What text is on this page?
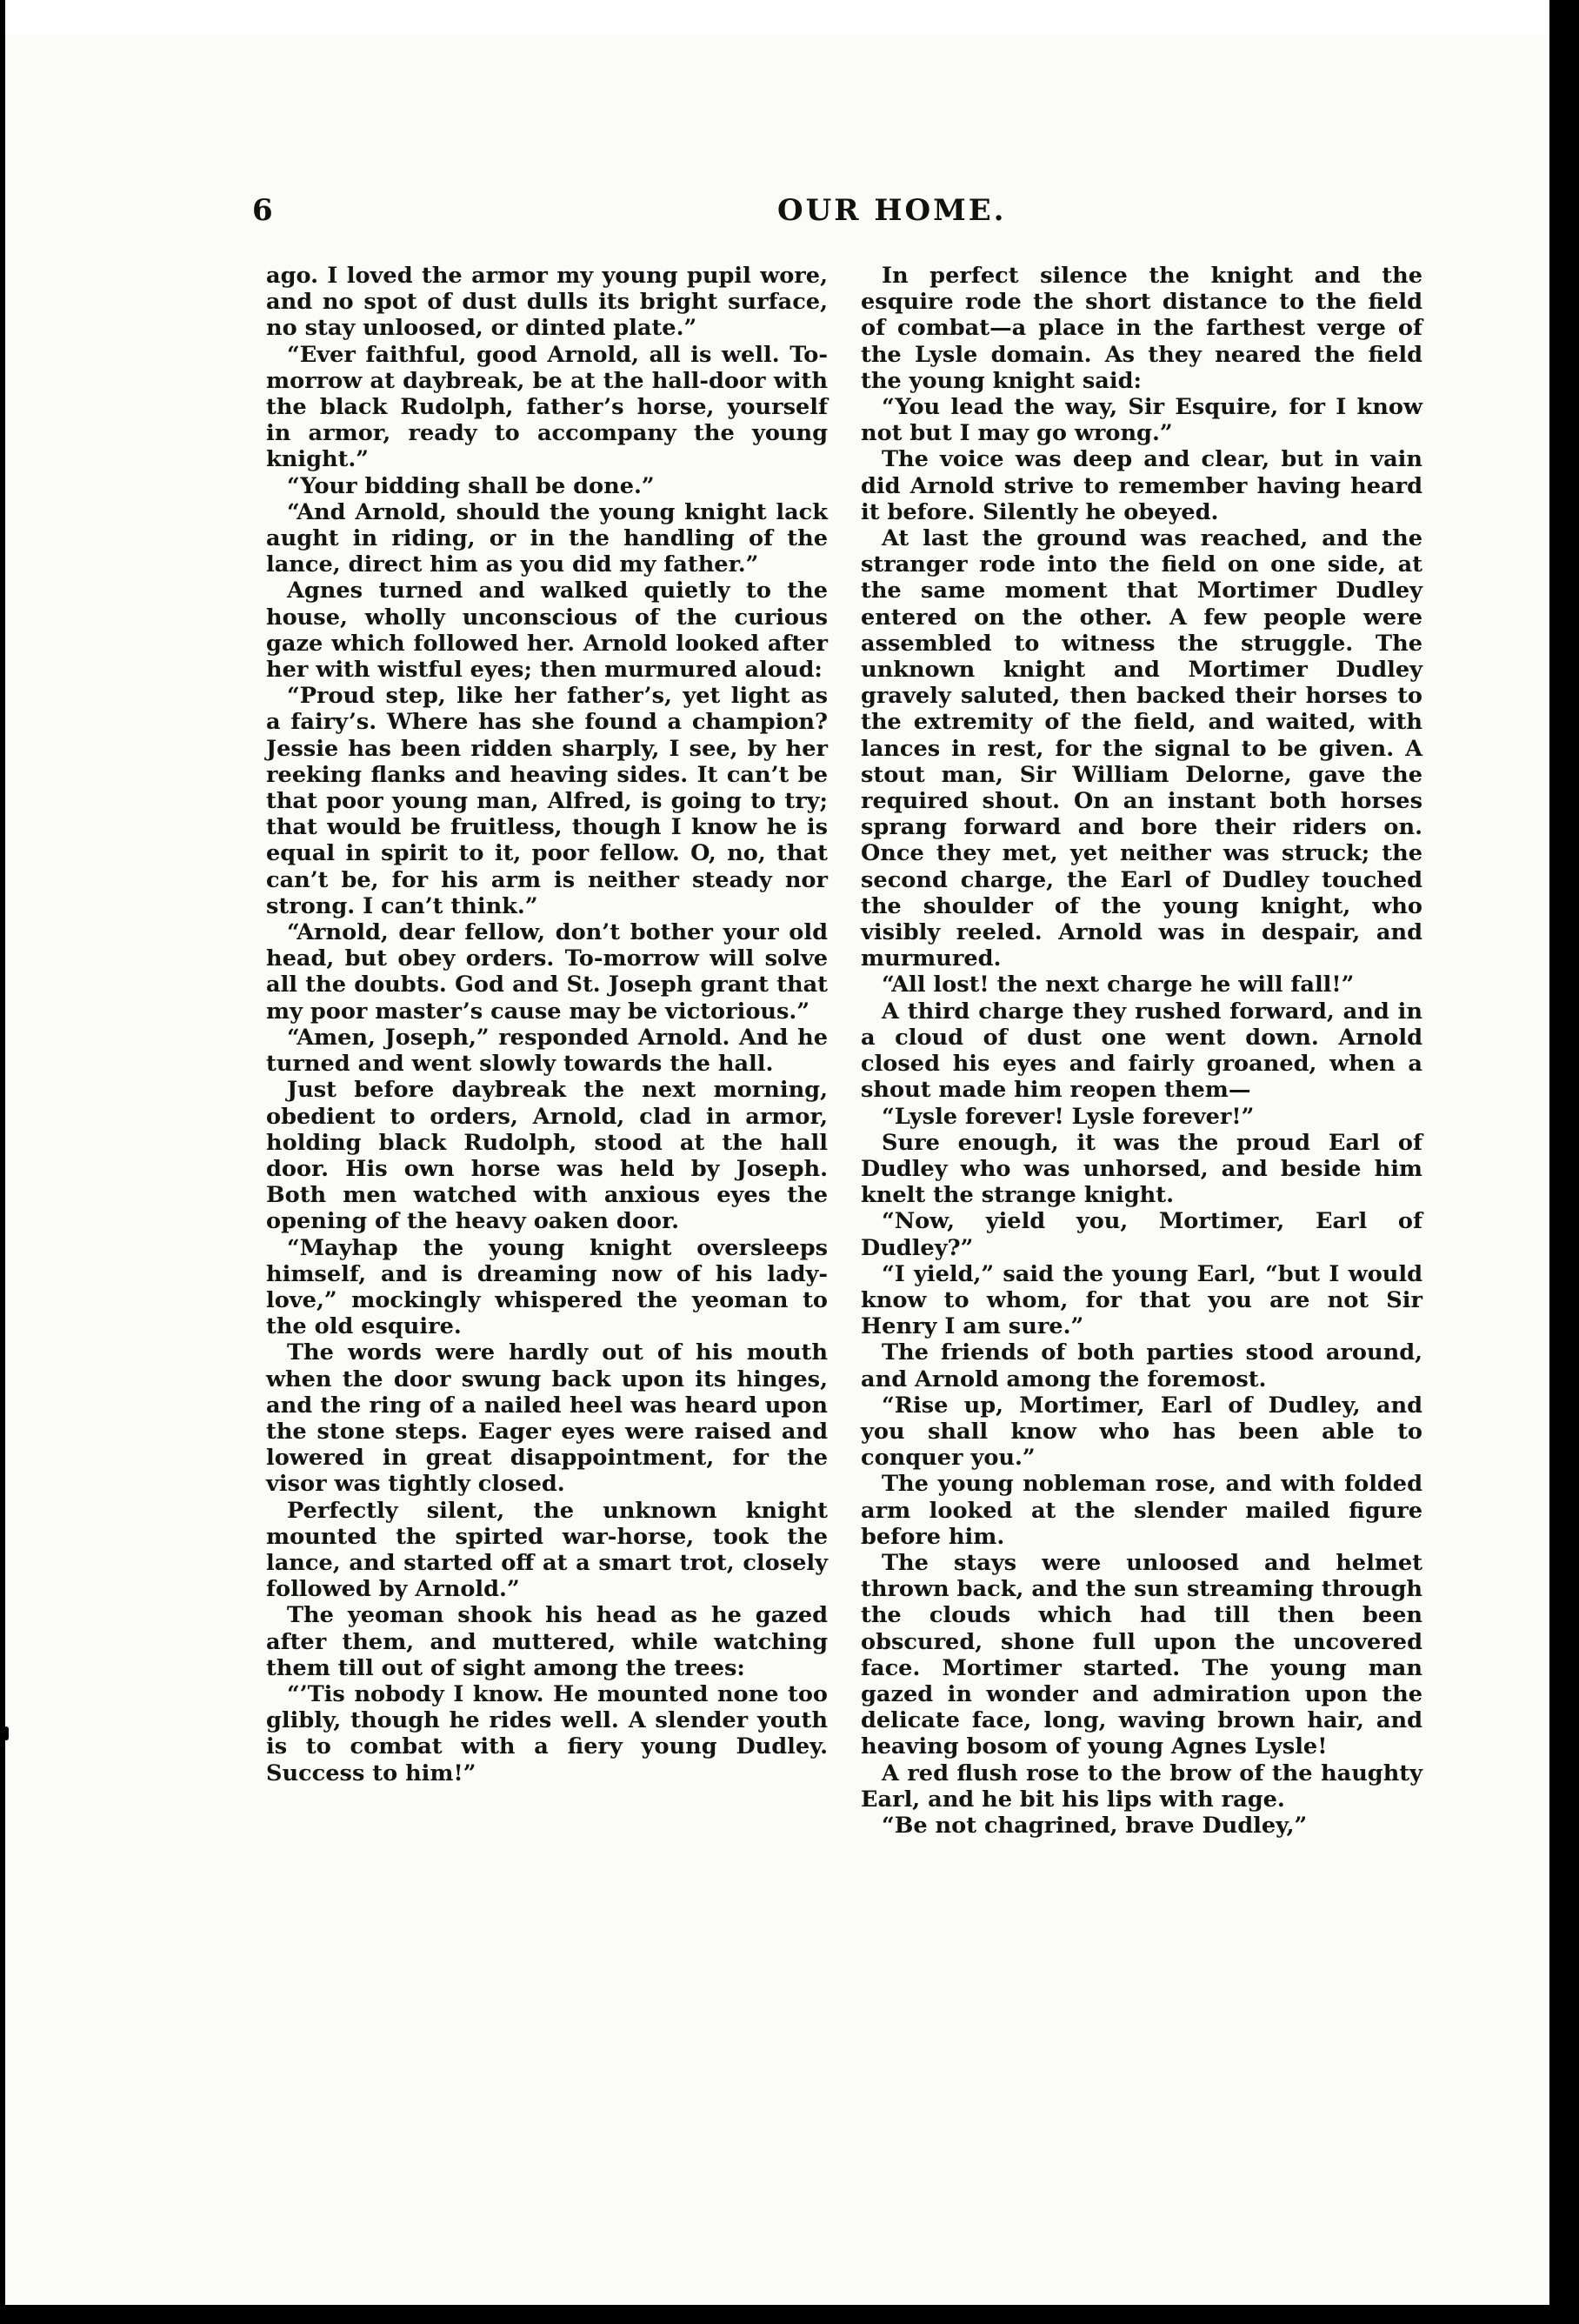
6	OUR HOME.

ago. I loved the armor my young pupil wore, and no spot of dust dulls its bright surface, no stay unloosed, or dinted plate.”

“Ever faithful, good Arnold, all is well. To-morrow at daybreak, be at the hall-door with the black Rudolph, father’s horse, yourself in armor, ready to accompany the young knight.”

“Your bidding shall be done.”

“And Arnold, should the young knight lack aught in riding, or in the handling of the lance, direct him as you did my father.”

Agnes turned and walked quietly to the house, wholly unconscious of the curious gaze which followed her. Arnold looked after her with wistful eyes; then murmured aloud:

“Proud step, like her father’s, yet light as a fairy’s. Where has she found a champion? Jessie has been ridden sharply, I see, by her reeking flanks and heaving sides. It can’t be that poor young man, Alfred, is going to try; that would be fruitless, though I know he is equal in spirit to it, poor fellow. O, no, that can’t be, for his arm is neither steady nor strong. I can’t think.”

“Arnold, dear fellow, don’t bother your old head, but obey orders. To-morrow will solve all the doubts. God and St. Joseph grant that my poor master’s cause may be victorious.”

“Amen, Joseph,” responded Arnold. And he turned and went slowly towards the hall.

Just before daybreak the next morning, obedient to orders, Arnold, clad in armor, holding black Rudolph, stood at the hall door. His own horse was held by Joseph. Both men watched with anxious eyes the opening of the heavy oaken door.

“Mayhap the young knight oversleeps himself, and is dreaming now of his lady-love,” mockingly whispered the yeoman to the old esquire.

The words were hardly out of his mouth when the door swung back upon its hinges, and the ring of a nailed heel was heard upon the stone steps. Eager eyes were raised and lowered in great disappointment, for the visor was tightly closed.

Perfectly silent, the unknown knight mounted the spirted war-horse, took the lance, and started off at a smart trot, closely followed by Arnold.”

The yeoman shook his head as he gazed after them, and muttered, while watching them till out of sight among the trees:

“’Tis nobody I know. He mounted none too glibly, though he rides well. A slender youth is to combat with a fiery young Dudley. Success to him!”

In perfect silence the knight and the esquire rode the short distance to the field of combat—a place in the farthest verge of the Lysle domain. As they neared the field the young knight said:

“You lead the way, Sir Esquire, for I know not but I may go wrong.”

The voice was deep and clear, but in vain did Arnold strive to remember having heard it before. Silently he obeyed.

At last the ground was reached, and the stranger rode into the field on one side, at the same moment that Mortimer Dudley entered on the other. A few people were assembled to witness the struggle. The unknown knight and Mortimer Dudley gravely saluted, then backed their horses to the extremity of the field, and waited, with lances in rest, for the signal to be given. A stout man, Sir William Delorne, gave the required shout. On an instant both horses sprang forward and bore their riders on. Once they met, yet neither was struck; the second charge, the Earl of Dudley touched the shoulder of the young knight, who visibly reeled. Arnold was in despair, and murmured.

“All lost! the next charge he will fall!”

A third charge they rushed forward, and in a cloud of dust one went down. Arnold closed his eyes and fairly groaned, when a shout made him reopen them—

“Lysle forever! Lysle forever!”

Sure enough, it was the proud Earl of Dudley who was unhorsed, and beside him knelt the strange knight.

“Now, yield you, Mortimer, Earl of Dudley?”

“I yield,” said the young Earl, “but I would know to whom, for that you are not Sir Henry I am sure.”

The friends of both parties stood around, and Arnold among the foremost.

“Rise up, Mortimer, Earl of Dudley, and you shall know who has been able to conquer you.”

The young nobleman rose, and with folded arm looked at the slender mailed figure before him.

The stays were unloosed and helmet thrown back, and the sun streaming through the clouds which had till then been obscured, shone full upon the uncovered face. Mortimer started. The young man gazed in wonder and admiration upon the delicate face, long, waving brown hair, and heaving bosom of young Agnes Lysle!

A red flush rose to the brow of the haughty Earl, and he bit his lips with rage.

“Be not chagrined, brave Dudley,”
